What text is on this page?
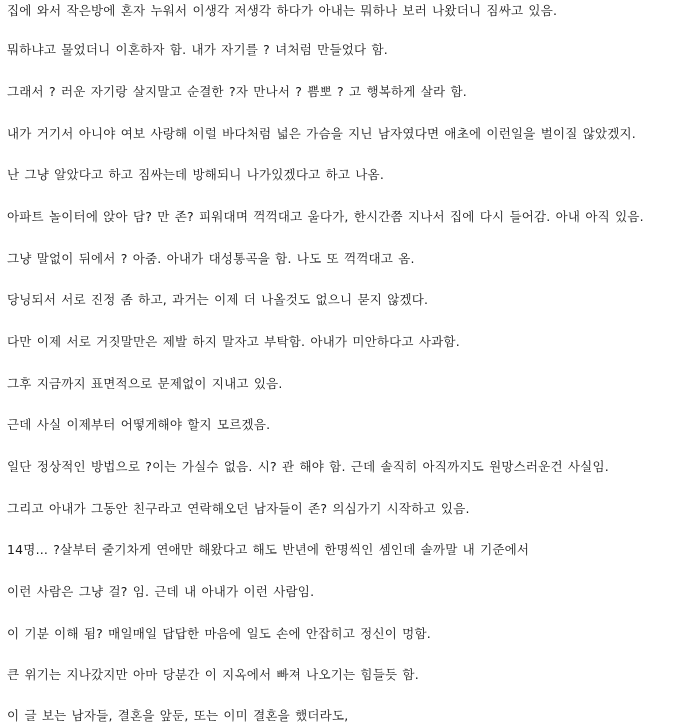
집에 와서 작은방에 혼자 누워서 이생각 저생각 하다가 아내는 뭐하나 보러 나왔더니 짐싸고 있음.
뭐하냐고 물었더니 이혼하자 함. 내가 자기를 ? 녀처럼 만들었다 함.
그래서 ? 러운 자기랑 살지말고 순결한 ?자 만나서 ? 쁨뽀 ? 고 행복하게 살라 함.
내가 거기서 아니야 여보 사랑해 이럴 바다처럼 넓은 가슴을 지닌 남자였다면 애초에 이런일을 벌이질 않았겠지.
난 그냥 알았다고 하고 짐싸는데 방해되니 나가있겠다고 하고 나옴.
아파트 놀이터에 앉아 담? 만 존? 피워대며 꺽꺽대고 울다가, 한시간쯤 지나서 집에 다시 들어감. 아내 아직 있음.
그냥 말없이 뒤에서 ? 아줌. 아내가 대성통곡을 함. 나도 또 꺽꺽대고 옴.
당닝되서 서로 진정 좀 하고, 과거는 이제 더 나올것도 없으니 묻지 않겠다.
다만 이제 서로 거짓말만은 제발 하지 말자고 부탁함. 아내가 미안하다고 사과함.
그후 지금까지 표면적으로 문제없이 지내고 있음.
근데 사실 이제부터 어떻게해야 할지 모르겠음.
일단 정상적인 방법으로 ?이는 가실수 없음. 시? 관 해야 함. 근데 솔직히 아직까지도 원망스러운건 사실임.
그리고 아내가 그동안 친구라고 연락해오던 남자들이 존? 의심가기 시작하고 있음.
14명... ?살부터 줄기차게 연애만 해왔다고 해도 반년에 한명씩인 셈인데 솔까말 내 기준에서
이런 사람은 그냥 걸? 임. 근데 내 아내가 이런 사람임.
이 기분 이해 됨? 매일매일 답답한 마음에 일도 손에 안잡히고 정신이 멍함.
큰 위기는 지나갔지만 아마 당분간 이 지옥에서 빠져 나오기는 힘들듯 함.
이 글 보는 남자들, 결혼을 앞둔, 또는 이미 결혼을 했더라도,
